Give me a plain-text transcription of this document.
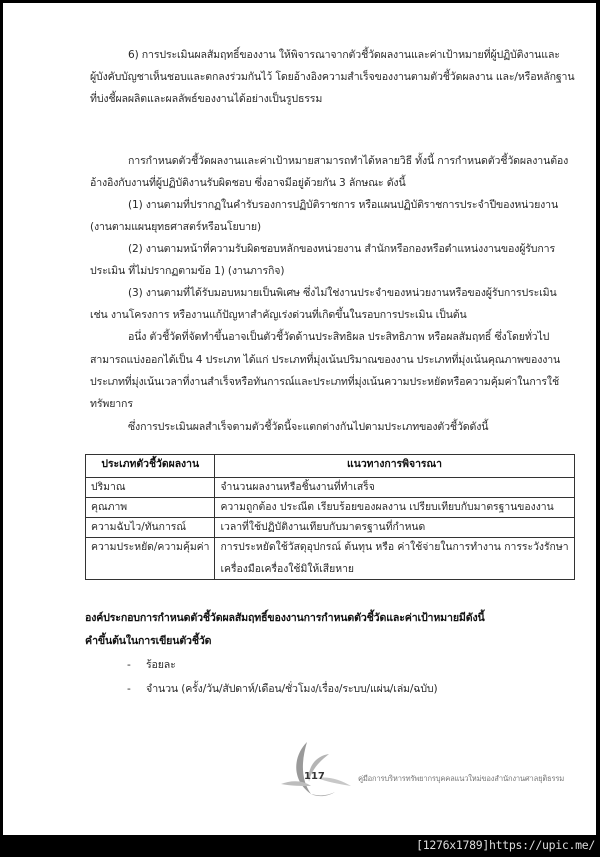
6) การประเมินผลสัมฤทธิ์ของงาน ให้พิจารณาจากตัวชี้วัดผลงานและค่าเป้าหมายที่ผู้ปฏิบัติงานและ
ผู้บังคับบัญชาเห็นชอบและตกลงร่วมกันไว้ โดยอ้างอิงความสำเร็จของงานตามตัวชี้วัดผลงาน และ/หรือหลักฐาน
ที่บ่งชี้ผลผลิตและผลลัพธ์ของงานได้อย่างเป็นรูปธรรม
การกำหนดตัวชี้วัดผลงานและค่าเป้าหมายสามารถทำได้หลายวิธี ทั้งนี้ การกำหนดตัวชี้วัดผลงานต้อง
อ้างอิงกับงานที่ผู้ปฏิบัติงานรับผิดชอบ ซึ่งอาจมีอยู่ด้วยกัน 3 ลักษณะ ดังนี้
(1) งานตามที่ปรากฏในคำรับรองการปฏิบัติราชการ หรือแผนปฏิบัติราชการประจำปีของหน่วยงาน
(งานตามแผนยุทธศาสตร์หรือนโยบาย)
(2) งานตามหน้าที่ความรับผิดชอบหลักของหน่วยงาน สำนักหรือกองหรือตำแหน่งงานของผู้รับการ
ประเมิน ที่ไม่ปรากฏตามข้อ 1) (งานภารกิจ)
(3) งานตามที่ได้รับมอบหมายเป็นพิเศษ ซึ่งไม่ใช่งานประจำของหน่วยงานหรือของผู้รับการประเมิน
เช่น งานโครงการ หรืองานแก้ปัญหาสำคัญเร่งด่วนที่เกิดขึ้นในรอบการประเมิน เป็นต้น
อนึ่ง ตัวชี้วัดที่จัดทำขึ้นอาจเป็นตัวชี้วัดด้านประสิทธิผล ประสิทธิภาพ หรือผลสัมฤทธิ์ ซึ่งโดยทั่วไป
สามารถแบ่งออกได้เป็น 4 ประเภท ได้แก่ ประเภทที่มุ่งเน้นปริมาณของงาน ประเภทที่มุ่งเน้นคุณภาพของงาน
ประเภทที่มุ่งเน้นเวลาที่งานสำเร็จหรือทันการณ์และประเภทที่มุ่งเน้นความประหยัดหรือความคุ้มค่าในการใช้
ทรัพยากร
ซึ่งการประเมินผลสำเร็จตามตัวชี้วัดนี้จะแตกต่างกันไปตามประเภทของตัวชี้วัดดังนี้
ประเภทตัวชี้วัดผลงาน	แนวทางการพิจารณา
ปริมาณ	จำนวนผลงานหรือชิ้นงานที่ทำเสร็จ
คุณภาพ	ความถูกต้อง ประณีต เรียบร้อยของผลงาน เปรียบเทียบกับมาตรฐานของงาน
ความฉับไว/ทันการณ์	เวลาที่ใช้ปฏิบัติงานเทียบกับมาตรฐานที่กำหนด
ความประหยัด/ความคุ้มค่า	การประหยัดใช้วัสดุอุปกรณ์ ต้นทุน หรือ ค่าใช้จ่ายในการทำงาน การระวังรักษา
เครื่องมือเครื่องใช้มิให้เสียหาย
องค์ประกอบการกำหนดตัวชี้วัดผลสัมฤทธิ์ของงานการกำหนดตัวชี้วัดและค่าเป้าหมายมีดังนี้
คำขึ้นต้นในการเขียนตัวชี้วัด
- ร้อยละ
- จำนวน (ครั้ง/วัน/สัปดาห์/เดือน/ชั่วโมง/เรื่อง/ระบบ/แผ่น/เล่ม/ฉบับ)
117	คู่มือการบริหารทรัพยากรบุคคลแนวใหม่ของสำนักงานศาลยุติธรรม
[1276x1789]https://upic.me/
